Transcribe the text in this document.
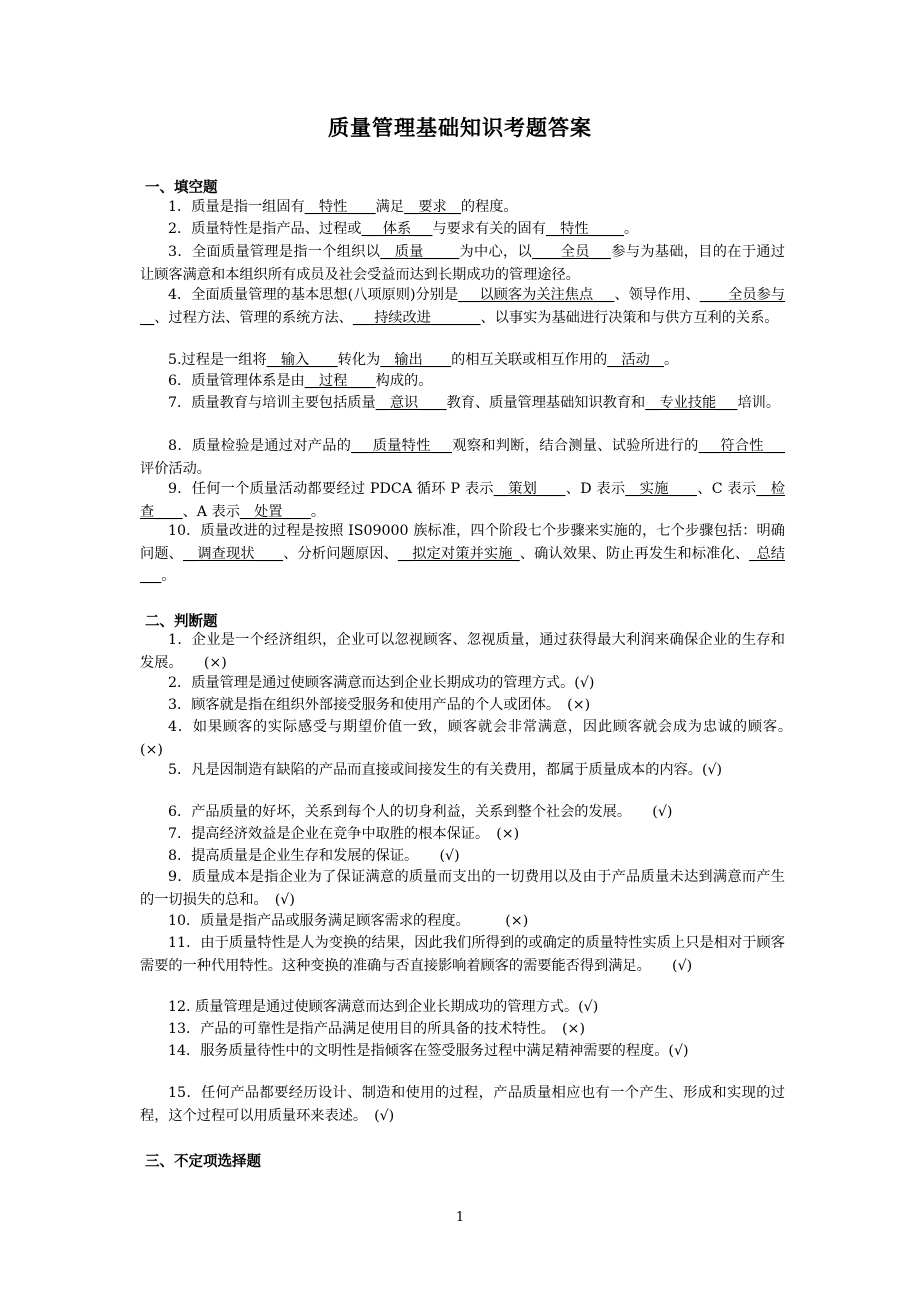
质量管理基础知识考题答案
一、填空题
1．质量是指一组固有__特性____满足__要求__的程度。
2．质量特性是指产品、过程或___体系___与要求有关的固有__特性_____。
3．全面质量管理是指一个组织以__质量_____为中心，以____全员___参与为基础，目的在于通过让顾客满意和本组织所有成员及社会受益而达到长期成功的管理途径。
4．全面质量管理的基本思想(八项原则)分别是___以顾客为关注焦点___、领导作用、____全员参与__、过程方法、管理的系统方法、___持续改进_______、以事实为基础进行决策和与供方互利的关系。
5.过程是一组将__输入____转化为__输出____的相互关联或相互作用的__活动__。
6．质量管理体系是由__过程____构成的。
7．质量教育与培训主要包括质量__意识____教育、质量管理基础知识教育和__专业技能___培训。
8．质量检验是通过对产品的___质量特性___观察和判断，结合测量、试验所进行的___符合性___评价活动。
9．任何一个质量活动都要经过 PDCA 循环 P 表示__策划____、D 表示__实施____、C 表示__检查____、A 表示__处置____。
10．质量改进的过程是按照 IS09000 族标准，四个阶段七个步骤来实施的，七个步骤包括：明确问题、__调查现状____、分析问题原因、__拟定对策并实施_、确认效果、防止再发生和标准化、_总结___。
二、判断题
1．企业是一个经济组织，企业可以忽视顾客、忽视质量，通过获得最大利润来确保企业的生存和发展。　　(×)
2．质量管理是通过使顾客满意而达到企业长期成功的管理方式。(√)
3．顾客就是指在组织外部接受服务和使用产品的个人或团体。　(×)
4．如果顾客的实际感受与期望价值一致，顾客就会非常满意，因此顾客就会成为忠诚的顾客。　(×)
5．凡是因制造有缺陷的产品而直接或间接发生的有关费用，都属于质量成本的内容。(√)
6．产品质量的好坏，关系到每个人的切身利益，关系到整个社会的发展。　　(√)
7．提高经济效益是企业在竞争中取胜的根本保证。　(×)
8．提高质量是企业生存和发展的保证。　　(√)
9．质量成本是指企业为了保证满意的质量而支出的一切费用以及由于产品质量未达到满意而产生的一切损失的总和。　(√)
10．质量是指产品或服务满足顾客需求的程度。　　　(×)
11．由于质量特性是人为变换的结果，因此我们所得到的或确定的质量特性实质上只是相对于顾客需要的一种代用特性。这种变换的准确与否直接影响着顾客的需要能否得到满足。　　(√)
12. 质量管理是通过使顾客满意而达到企业长期成功的管理方式。(√)
13．产品的可靠性是指产品满足使用目的所具备的技术特性。　(×)
14．服务质量待性中的文明性是指倾客在签受服务过程中满足精神需要的程度。(√)
15．任何产品都要经历设计、制造和使用的过程，产品质量相应也有一个产生、形成和实现的过程，这个过程可以用质量环来表述。　(√)
三、不定项选择题
1
